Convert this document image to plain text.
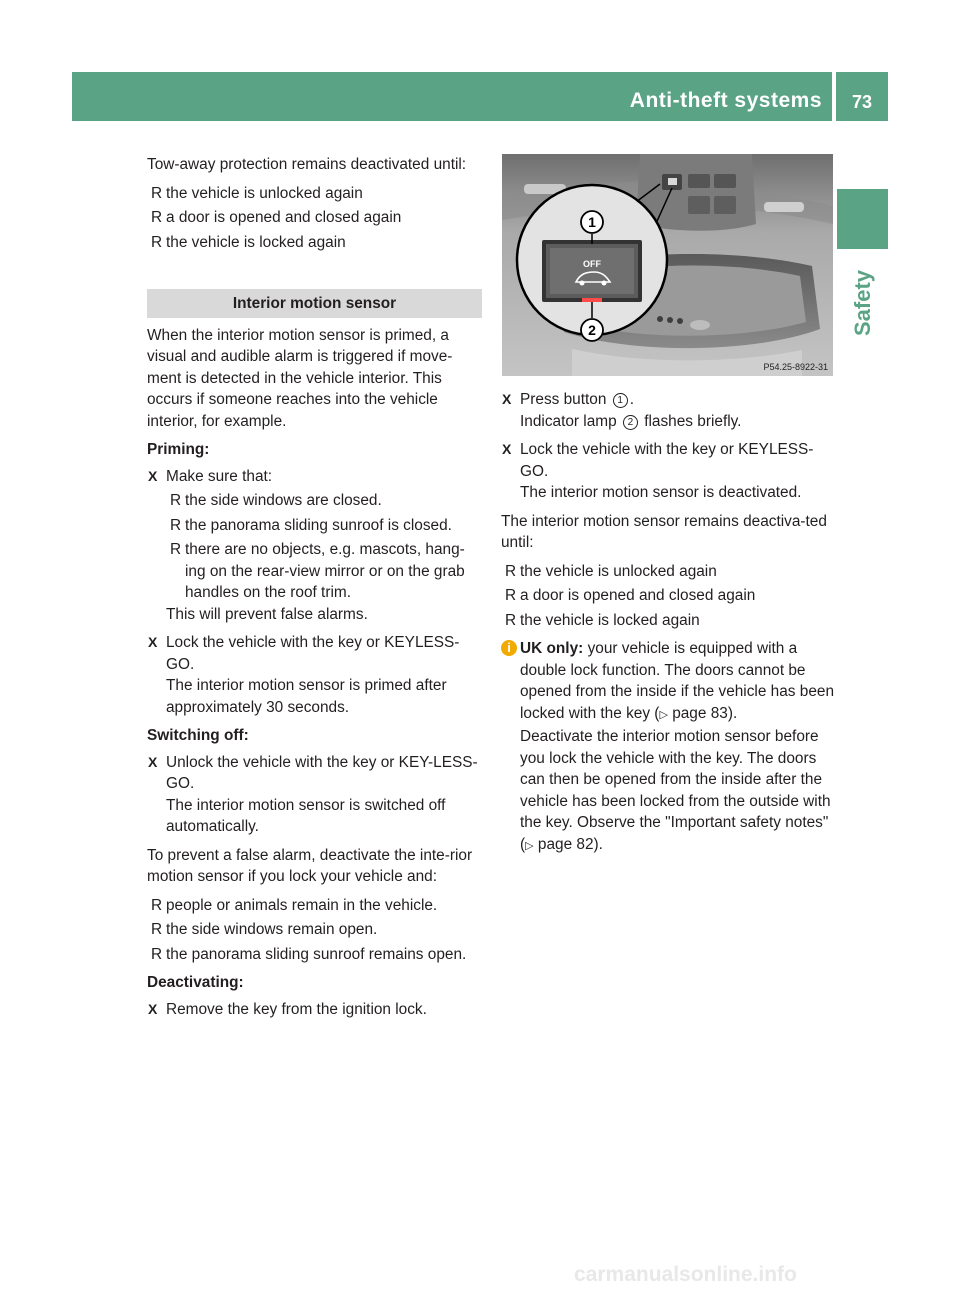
Anti-theft systems 73
Safety

Tow-away protection remains deactivated until:

R the vehicle is unlocked again
R a door is opened and closed again
R the vehicle is locked again
Interior motion sensor

When the interior motion sensor is primed, a visual and audible alarm is triggered if move-ment is detected in the vehicle interior. This occurs if someone reaches into the vehicle interior, for example.

Priming:

X Make sure that:
R the side windows are closed.
R the panorama sliding sunroof is closed.
R there are no objects, e.g. mascots, hang-ing on the rear-view mirror or on the grab handles on the roof trim.

This will prevent false alarms.

X Lock the vehicle with the key or KEYLESS-GO.
The interior motion sensor is primed after approximately 30 seconds.

Switching off:

X Unlock the vehicle with the key or KEY-LESS-GO.
The interior motion sensor is switched off automatically.

To prevent a false alarm, deactivate the inte-rior motion sensor if you lock your vehicle and:

R people or animals remain in the vehicle.
R the side windows remain open.
R the panorama sliding sunroof remains open.

Deactivating:

X Remove the key from the ignition lock.
OFF
1
2
P54.25-8922-31
X Press button 1 .
Indicator lamp 2 flashes briefly.
X Lock the vehicle with the key or KEYLESS-GO.
The interior motion sensor is deactivated.

The interior motion sensor remains deactiva-ted until:

R the vehicle is unlocked again
R a door is opened and closed again
R the vehicle is locked again
i UK only: your vehicle is equipped with a double lock function. The doors cannot be opened from the inside if the vehicle has been locked with the key (▷ page 83).
Deactivate the interior motion sensor before you lock the vehicle with the key. The doors can then be opened from the inside after the vehicle has been locked from the outside with the key. Observe the "Important safety notes" (▷ page 82).
carmanualsonline.info
